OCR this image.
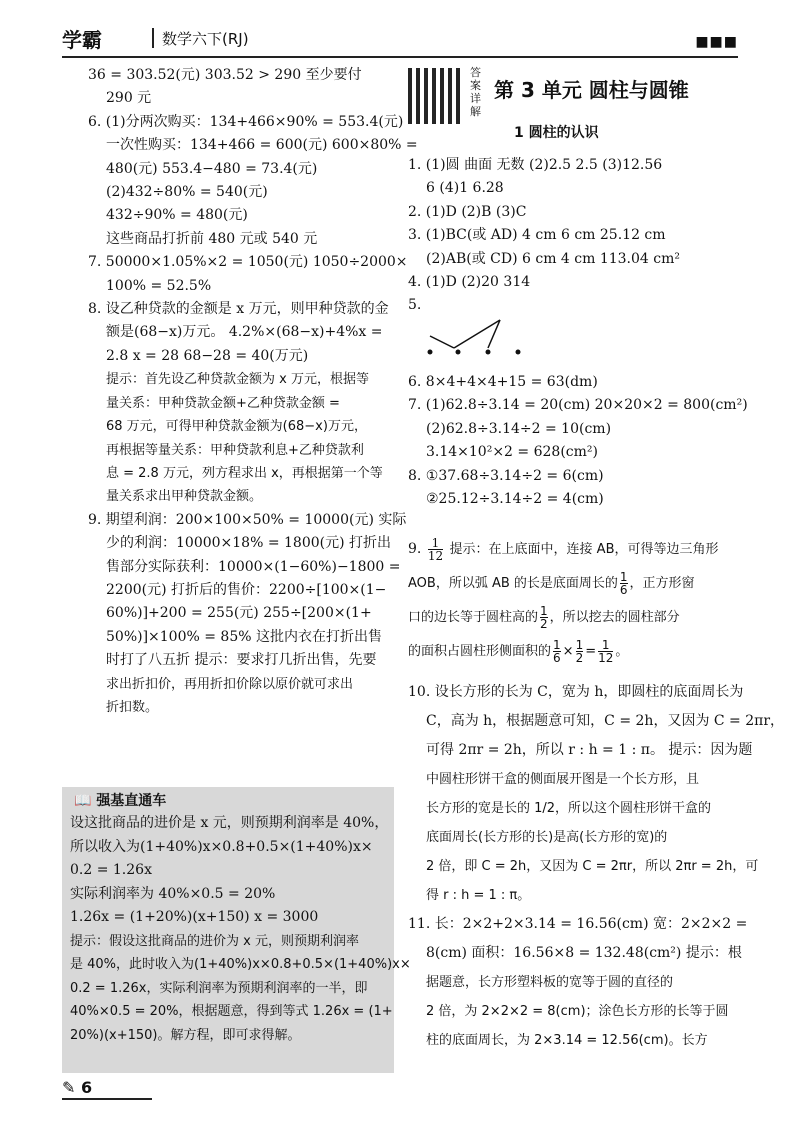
学霸	数学六下(RJ)	■■■
36 = 303.52(元) 303.52 > 290 至少要付
290 元
6. (1)分两次购买：134+466×90% = 553.4(元)
一次性购买：134+466 = 600(元) 600×80% =
480(元) 553.4−480 = 73.4(元)
(2)432÷80% = 540(元)
432÷90% = 480(元)
这些商品打折前 480 元或 540 元
7. 50000×1.05%×2 = 1050(元) 1050÷2000×
100% = 52.5%
8. 设乙种贷款的金额是 x 万元，则甲种贷款的金
额是(68−x)万元。 4.2%×(68−x)+4%x =
2.8 x = 28 68−28 = 40(万元)
提示：首先设乙种贷款金额为 x 万元，根据等
量关系：甲种贷款金额+乙种贷款金额 =
68 万元，可得甲种贷款金额为(68−x)万元，
再根据等量关系：甲种贷款利息+乙种贷款利
息 = 2.8 万元，列方程求出 x，再根据第一个等
量关系求出甲种贷款金额。
9. 期望利润：200×100×50% = 10000(元) 实际
少的利润：10000×18% = 1800(元) 打折出
售部分实际获利：10000×(1−60%)−1800 =
2200(元) 打折后的售价：2200÷[100×(1−
60%)]+200 = 255(元) 255÷[200×(1+
50%)]×100% = 85% 这批内衣在打折出售
时打了八五折 提示：要求打几折出售，先要
求出折扣价，再用折扣价除以原价就可求出
折扣数。
📖 强基直通车
设这批商品的进价是 x 元，则预期利润率是 40%，
所以收入为(1+40%)x×0.8+0.5×(1+40%)x×
0.2 = 1.26x
实际利润率为 40%×0.5 = 20%
1.26x = (1+20%)(x+150) x = 3000
提示：假设这批商品的进价为 x 元，则预期利润率
是 40%，此时收入为(1+40%)x×0.8+0.5×(1+40%)x×
0.2 = 1.26x，实际利润率为预期利润率的一半，即
40%×0.5 = 20%，根据题意，得到等式 1.26x = (1+
20%)(x+150)。解方程，即可求得解。
答案详解
第 3 单元 圆柱与圆锥
1 圆柱的认识
1. (1)圆 曲面 无数 (2)2.5 2.5 (3)12.56
6 (4)1 6.28
2. (1)D (2)B (3)C
3. (1)BC(或 AD) 4 cm 6 cm 25.12 cm
(2)AB(或 CD) 6 cm 4 cm 113.04 cm²
4. (1)D (2)20 314
5.
6. 8×4+4×4+15 = 63(dm)
7. (1)62.8÷3.14 = 20(cm) 20×20×2 = 800(cm²)
(2)62.8÷3.14÷2 = 10(cm)
3.14×10²×2 = 628(cm²)
8. ①37.68÷3.14÷2 = 6(cm)
②25.12÷3.14÷2 = 4(cm)
9. $\frac{1}{12}$ 提示：在上底面中，连接 AB，可得等边三角形
AOB，所以弧 AB 的长是底面周长的 $\frac{1}{6}$ ，正方形窗
口的边长等于圆柱高的 $\frac{1}{2}$ ，所以挖去的圆柱部分
的面积占圆柱形侧面积的 $\frac{1}{6} \times \frac{1}{2} = \frac{1}{12}$ 。
10. 设长方形的长为 C，宽为 h，即圆柱的底面周长为
C，高为 h，根据题意可知，C = 2h，又因为 C = 2πr，
可得 2πr = 2h，所以 r : h = 1 : π。 提示：因为题
中圆柱形饼干盒的侧面展开图是一个长方形，且
长方形的宽是长的 1/2，所以这个圆柱形饼干盒的
底面周长(长方形的长)是高(长方形的宽)的
2 倍，即 C = 2h，又因为 C = 2πr，所以 2πr = 2h，可
得 r : h = 1 : π。
11. 长：2×2+2×3.14 = 16.56(cm) 宽：2×2×2 =
8(cm) 面积：16.56×8 = 132.48(cm²) 提示：根
据题意，长方形塑料板的宽等于圆的直径的
2 倍，为 2×2×2 = 8(cm)；涂色长方形的长等于圆
柱的底面周长，为 2×3.14 = 12.56(cm)。长方
✎ 6
